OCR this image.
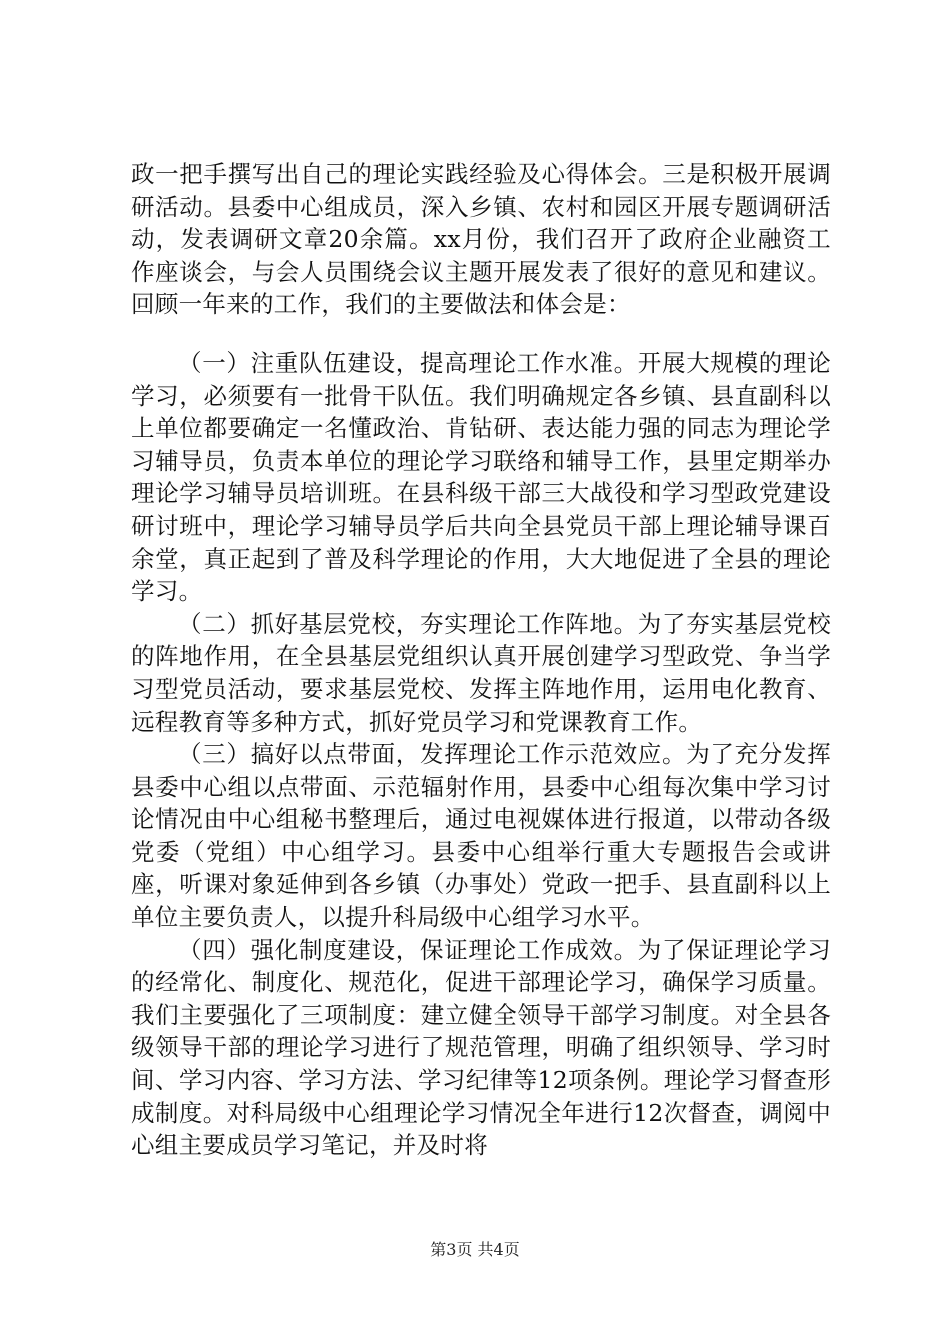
政一把手撰写出自己的理论实践经验及心得体会。三是积极开展调研活动。县委中心组成员，深入乡镇、农村和园区开展专题调研活动，发表调研文章20余篇。xx月份，我们召开了政府企业融资工作座谈会，与会人员围绕会议主题开展发表了很好的意见和建议。回顾一年来的工作，我们的主要做法和体会是：

（一）注重队伍建设，提高理论工作水准。开展大规模的理论学习，必须要有一批骨干队伍。我们明确规定各乡镇、县直副科以上单位都要确定一名懂政治、肯钻研、表达能力强的同志为理论学习辅导员，负责本单位的理论学习联络和辅导工作，县里定期举办理论学习辅导员培训班。在县科级干部三大战役和学习型政党建设研讨班中，理论学习辅导员学后共向全县党员干部上理论辅导课百余堂，真正起到了普及科学理论的作用，大大地促进了全县的理论学习。

（二）抓好基层党校，夯实理论工作阵地。为了夯实基层党校的阵地作用，在全县基层党组织认真开展创建学习型政党、争当学习型党员活动，要求基层党校、发挥主阵地作用，运用电化教育、远程教育等多种方式，抓好党员学习和党课教育工作。

（三）搞好以点带面，发挥理论工作示范效应。为了充分发挥县委中心组以点带面、示范辐射作用，县委中心组每次集中学习讨论情况由中心组秘书整理后，通过电视媒体进行报道，以带动各级党委（党组）中心组学习。县委中心组举行重大专题报告会或讲座，听课对象延伸到各乡镇（办事处）党政一把手、县直副科以上单位主要负责人，以提升科局级中心组学习水平。

（四）强化制度建设，保证理论工作成效。为了保证理论学习的经常化、制度化、规范化，促进干部理论学习，确保学习质量。我们主要强化了三项制度：建立健全领导干部学习制度。对全县各级领导干部的理论学习进行了规范管理，明确了组织领导、学习时间、学习内容、学习方法、学习纪律等12项条例。理论学习督查形成制度。对科局级中心组理论学习情况全年进行12次督查，调阅中心组主要成员学习笔记，并及时将

第3页 共4页
